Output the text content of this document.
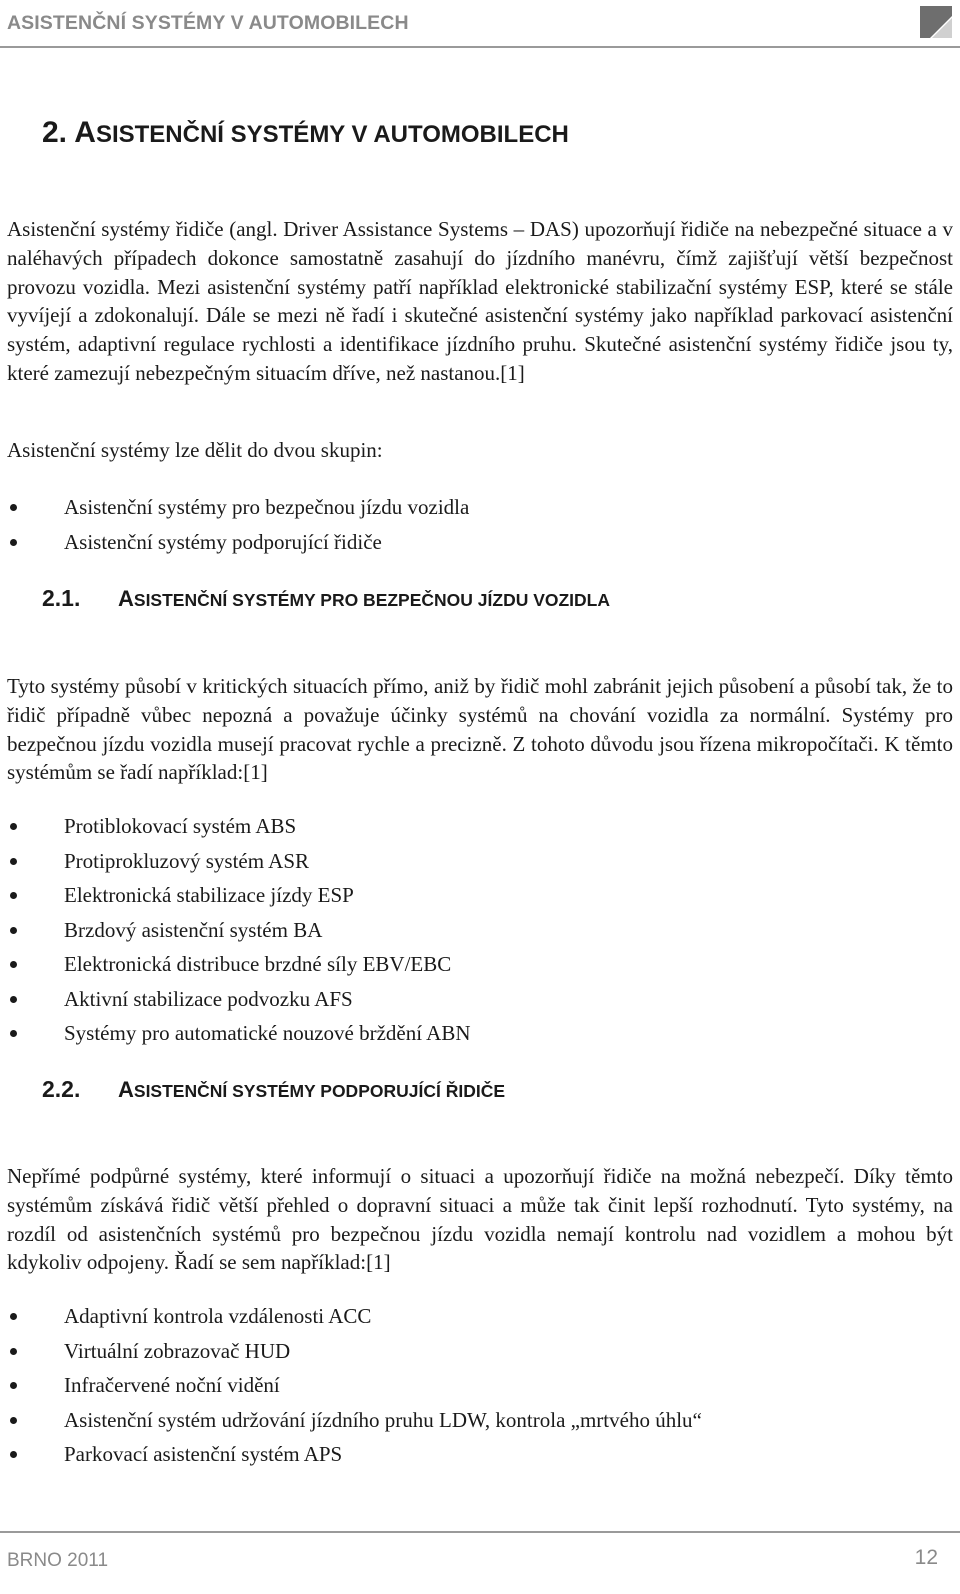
ASISTENČNÍ SYSTÉMY V AUTOMOBILECH
2. ASISTENČNÍ SYSTÉMY V AUTOMOBILECH

Asistenční systémy řidiče (angl. Driver Assistance Systems – DAS) upozorňují řidiče na nebezpečné situace a v naléhavých případech dokonce samostatně zasahují do jízdního manévru, čímž zajišťují větší bezpečnost provozu vozidla. Mezi asistenční systémy patří například elektronické stabilizační systémy ESP, které se stále vyvíjejí a zdokonalují. Dále se mezi ně řadí i skutečné asistenční systémy jako například parkovací asistenční systém, adaptivní regulace rychlosti a identifikace jízdního pruhu. Skutečné asistenční systémy řidiče jsou ty, které zamezují nebezpečným situacím dříve, než nastanou.[1]

Asistenční systémy lze dělit do dvou skupin:

Asistenční systémy pro bezpečnou jízdu vozidla
Asistenční systémy podporující řidiče
2.1. ASISTENČNÍ SYSTÉMY PRO BEZPEČNOU JÍZDU VOZIDLA

Tyto systémy působí v kritických situacích přímo, aniž by řidič mohl zabránit jejich působení a působí tak, že to řidič případně vůbec nepozná a považuje účinky systémů na chování vozidla za normální. Systémy pro bezpečnou jízdu vozidla musejí pracovat rychle a precizně. Z tohoto důvodu jsou řízena mikropočítači. K těmto systémům se řadí například:[1]

Protiblokovací systém ABS
Protiprokluzový systém ASR
Elektronická stabilizace jízdy ESP
Brzdový asistenční systém BA
Elektronická distribuce brzdné síly EBV/EBC
Aktivní stabilizace podvozku AFS
Systémy pro automatické nouzové brždění ABN
2.2. ASISTENČNÍ SYSTÉMY PODPORUJÍCÍ ŘIDIČE

Nepřímé podpůrné systémy, které informují o situaci a upozorňují řidiče na možná nebezpečí. Díky těmto systémům získává řidič větší přehled o dopravní situaci a může tak činit lepší rozhodnutí. Tyto systémy, na rozdíl od asistenčních systémů pro bezpečnou jízdu vozidla nemají kontrolu nad vozidlem a mohou být kdykoliv odpojeny. Řadí se sem například:[1]

Adaptivní kontrola vzdálenosti ACC
Virtuální zobrazovač HUD
Infračervené noční vidění
Asistenční systém udržování jízdního pruhu LDW, kontrola „mrtvého úhlu“
Parkovací asistenční systém APS
BRNO 2011	12
